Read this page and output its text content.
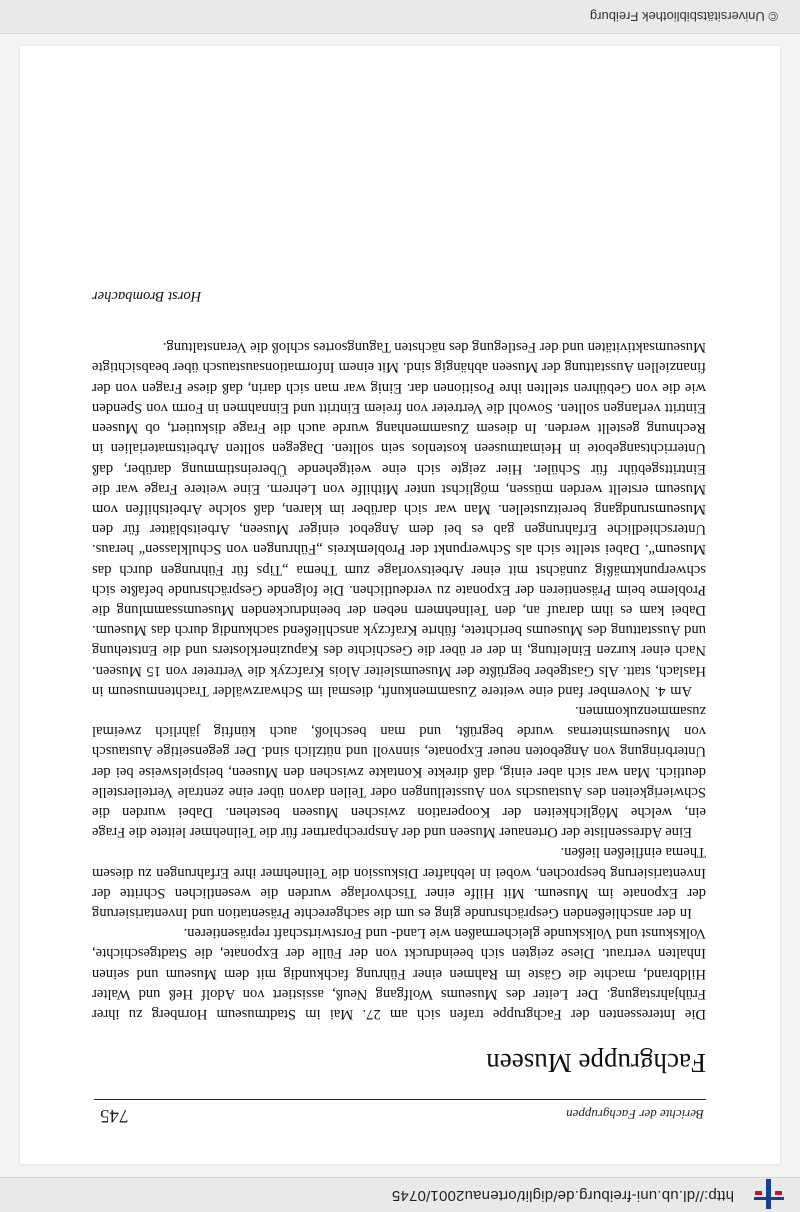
http://dl.ub.uni-freiburg.de/diglit/ortenau2001/0745
Berichte der Fachgruppen
745
Fachgruppe Museen

Die Interessenten der Fachgruppe trafen sich am 27. Mai im Stadtmuseum Hornberg zu ihrer Frühjahrstagung. Der Leiter des Museums Wolfgang Neuß, assistiert von Adolf Heß und Walter Hildbrand, machte die Gäste im Rahmen einer Führung fachkundig mit dem Museum und seinen Inhalten vertraut. Diese zeigten sich beeindruckt von der Fülle der Exponate, die Stadtgeschichte, Volkskunst und Volkskunde gleichermaßen wie Land- und Forstwirtschaft repräsentieren.

In der anschließenden Gesprächsrunde ging es um die sachgerechte Präsentation und Inventarisierung der Exponate im Museum. Mit Hilfe einer Tischvorlage wurden die wesentlichen Schritte der Inventarisierung besprochen, wobei in lebhafter Diskussion die Teilnehmer ihre Erfahrungen zu diesem Thema einfließen ließen.

Eine Adressenliste der Ortenauer Museen und der Ansprechpartner für die Teilnehmer leitete die Frage ein, welche Möglichkeiten der Kooperation zwischen Museen bestehen. Dabei wurden die Schwierigkeiten des Austauschs von Ausstellungen oder Teilen davon über eine zentrale Verteilerstelle deutlich. Man war sich aber einig, daß direkte Kontakte zwischen den Museen, beispielsweise bei der Unterbringung von Angeboten neuer Exponate, sinnvoll und nützlich sind. Der gegenseitige Austausch von Museumsinternas wurde begrüßt, und man beschloß, auch künftig jährlich zweimal zusammenzukommen.

Am 4. November fand eine weitere Zusammenkunft, diesmal im Schwarzwälder Trachtenmuseum in Haslach, statt. Als Gastgeber begrüßte der Museumsleiter Alois Krafczyk die Vertreter von 15 Museen. Nach einer kurzen Einleitung, in der er über die Geschichte des Kapuzinerklosters und die Entstehung und Ausstattung des Museums berichtete, führte Krafczyk anschließend sachkundig durch das Museum. Dabei kam es ihm darauf an, den Teilnehmern neben der beeindruckenden Museumssammlung die Probleme beim Präsentieren der Exponate zu verdeutlichen. Die folgende Gesprächsrunde befaßte sich schwerpunktmäßig zunächst mit einer Arbeitsvorlage zum Thema „Tips für Führungen durch das Museum“. Dabei stellte sich als Schwerpunkt der Problemkreis „Führungen von Schulklassen“ heraus. Unterschiedliche Erfahrungen gab es bei dem Angebot einiger Museen, Arbeitsblätter für den Museumsrundgang bereitzustellen. Man war sich darüber im klaren, daß solche Arbeitshilfen vom Museum erstellt werden müssen, möglichst unter Mithilfe von Lehrern. Eine weitere Frage war die Eintrittsgebühr für Schüler. Hier zeigte sich eine weitgehende Übereinstimmung darüber, daß Unterrichtsangebote in Heimatmuseen kostenlos sein sollten. Dagegen sollten Arbeitsmaterialien in Rechnung gestellt werden. In diesem Zusammenhang wurde auch die Frage diskutiert, ob Museen Eintritt verlangen sollten. Sowohl die Vertreter von freiem Eintritt und Einnahmen in Form von Spenden wie die von Gebühren stellten ihre Positionen dar. Einig war man sich darin, daß diese Fragen von der finanziellen Ausstattung der Museen abhängig sind. Mit einem Informationsaustausch über beabsichtigte Museumsaktivitäten und der Festlegung des nächsten Tagungsortes schloß die Veranstaltung.

Horst Brombacher
© Universitätsbibliothek Freiburg
